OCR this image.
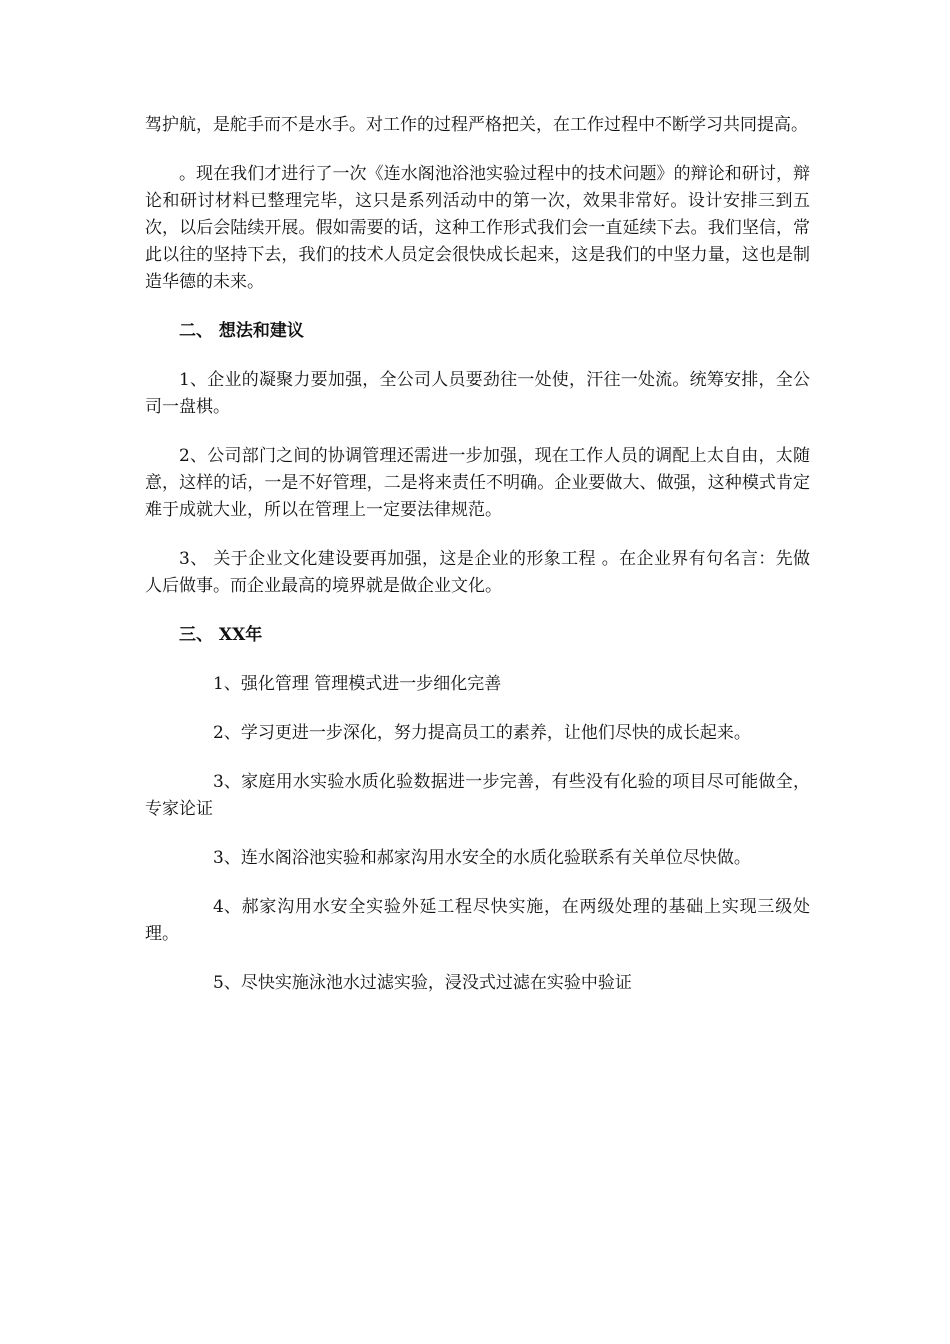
驾护航，是舵手而不是水手。对工作的过程严格把关，在工作过程中不断学习共同提高。

。现在我们才进行了一次《连水阁池浴池实验过程中的技术问题》的辩论和研讨，辩论和研讨材料已整理完毕，这只是系列活动中的第一次，效果非常好。设计安排三到五次，以后会陆续开展。假如需要的话，这种工作形式我们会一直延续下去。我们坚信，常此以往的坚持下去，我们的技术人员定会很快成长起来，这是我们的中坚力量，这也是制造华德的未来。

二、 想法和建议

1、企业的凝聚力要加强，全公司人员要劲往一处使，汗往一处流。统筹安排，全公司一盘棋。

2、公司部门之间的协调管理还需进一步加强，现在工作人员的调配上太自由，太随意，这样的话，一是不好管理，二是将来责任不明确。企业要做大、做强，这种模式肯定难于成就大业，所以在管理上一定要法律规范。

3、 关于企业文化建设要再加强，这是企业的形象工程 。在企业界有句名言：先做人后做事。而企业最高的境界就是做企业文化。

三、 XX年

1、强化管理 管理模式进一步细化完善

2、学习更进一步深化，努力提高员工的素养，让他们尽快的成长起来。

3、家庭用水实验水质化验数据进一步完善，有些没有化验的项目尽可能做全，专家论证

3、连水阁浴池实验和郝家沟用水安全的水质化验联系有关单位尽快做。

4、郝家沟用水安全实验外延工程尽快实施，在两级处理的基础上实现三级处理。

5、尽快实施泳池水过滤实验，浸没式过滤在实验中验证
